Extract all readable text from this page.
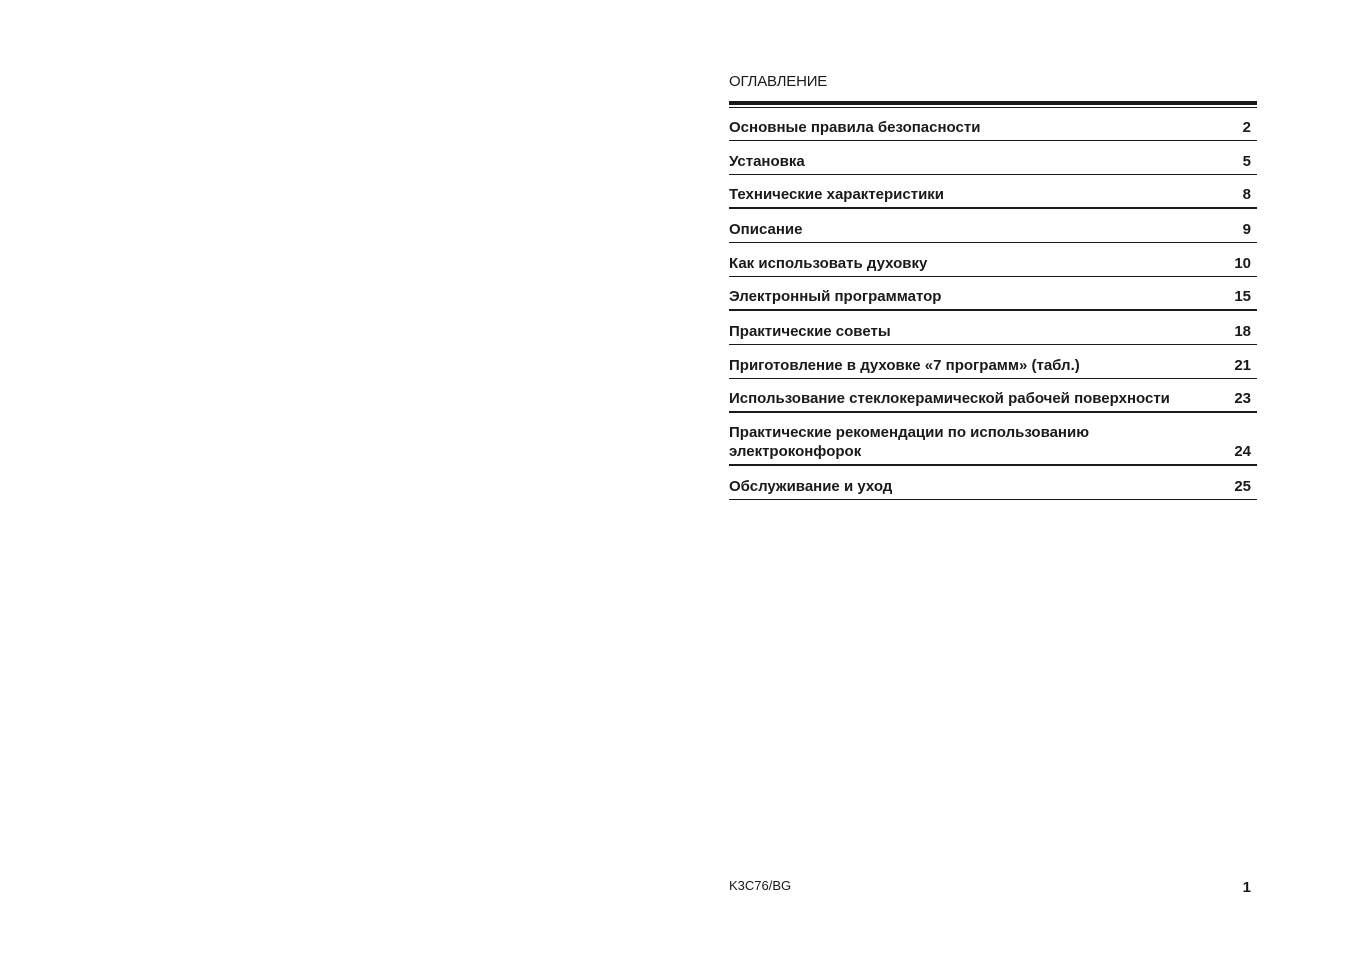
ОГЛАВЛЕНИЕ
Основные правила безопасности	2
Установка	5
Технические характеристики	8
Описание	9
Как использовать духовку	10
Электронный программатор	15
Практические советы	18
Приготовление в духовке «7 программ» (табл.)	21
Использование стеклокерамической рабочей поверхности	23
Практические рекомендации по использованию
электроконфорок	24
Обслуживание и уход	25
K3C76/BG	1
